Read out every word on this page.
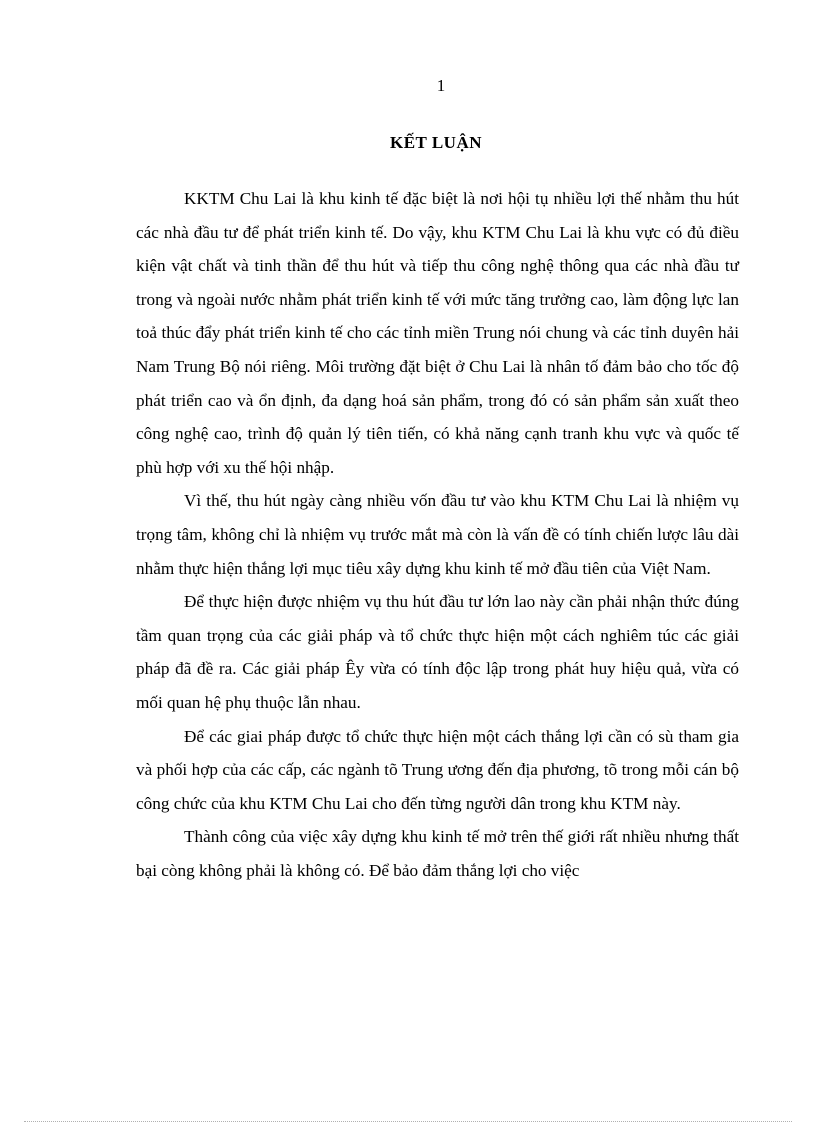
1
KẾT LUẬN

KKTM Chu Lai là khu kinh tế đặc biệt là nơi hội tụ nhiều lợi thế nhằm thu hút các nhà đầu tư để phát triển kinh tế. Do vậy, khu KTM Chu Lai là khu vực có đủ điều kiện vật chất và tinh thần để thu hút và tiếp thu công nghệ thông qua các nhà đầu tư trong và ngoài nước nhằm phát triển kinh tế với mức tăng trưởng cao, làm động lực lan toả thúc đẩy phát triển kinh tế cho các tỉnh miền Trung nói chung và các tỉnh duyên hải Nam Trung Bộ nói riêng. Môi trường đặt biệt ở Chu Lai là nhân tố đảm bảo cho tốc độ phát triển cao và ổn định, đa dạng hoá sản phẩm, trong đó có sản phẩm sản xuất theo công nghệ cao, trình độ quản lý tiên tiến, có khả năng cạnh tranh khu vực và quốc tế phù hợp với xu thế hội nhập.

Vì thế, thu hút ngày càng nhiều vốn đầu tư vào khu KTM Chu Lai là nhiệm vụ trọng tâm, không chỉ là nhiệm vụ trước mắt mà còn là vấn đề có tính chiến lược lâu dài nhằm thực hiện thắng lợi mục tiêu xây dựng khu kinh tế mở đầu tiên của Việt Nam.

Để thực hiện được nhiệm vụ thu hút đầu tư lớn lao này cần phải nhận thức đúng tầm quan trọng của các giải pháp và tổ chức thực hiện một cách nghiêm túc các giải pháp đã đề ra. Các giải pháp Êy vừa có tính độc lập trong phát huy hiệu quả, vừa có mối quan hệ phụ thuộc lẫn nhau.

Để các giai pháp được tổ chức thực hiện một cách thắng lợi cần có sù tham gia và phối hợp của các cấp, các ngành tõ Trung ương đến địa phương, tõ trong mỗi cán bộ công chức của khu KTM Chu Lai cho đến từng người dân trong khu KTM này.

Thành công của việc xây dựng khu kinh tế mở trên thế giới rất nhiều nhưng thất bại còng không phải là không có. Để bảo đảm thắng lợi cho việc
